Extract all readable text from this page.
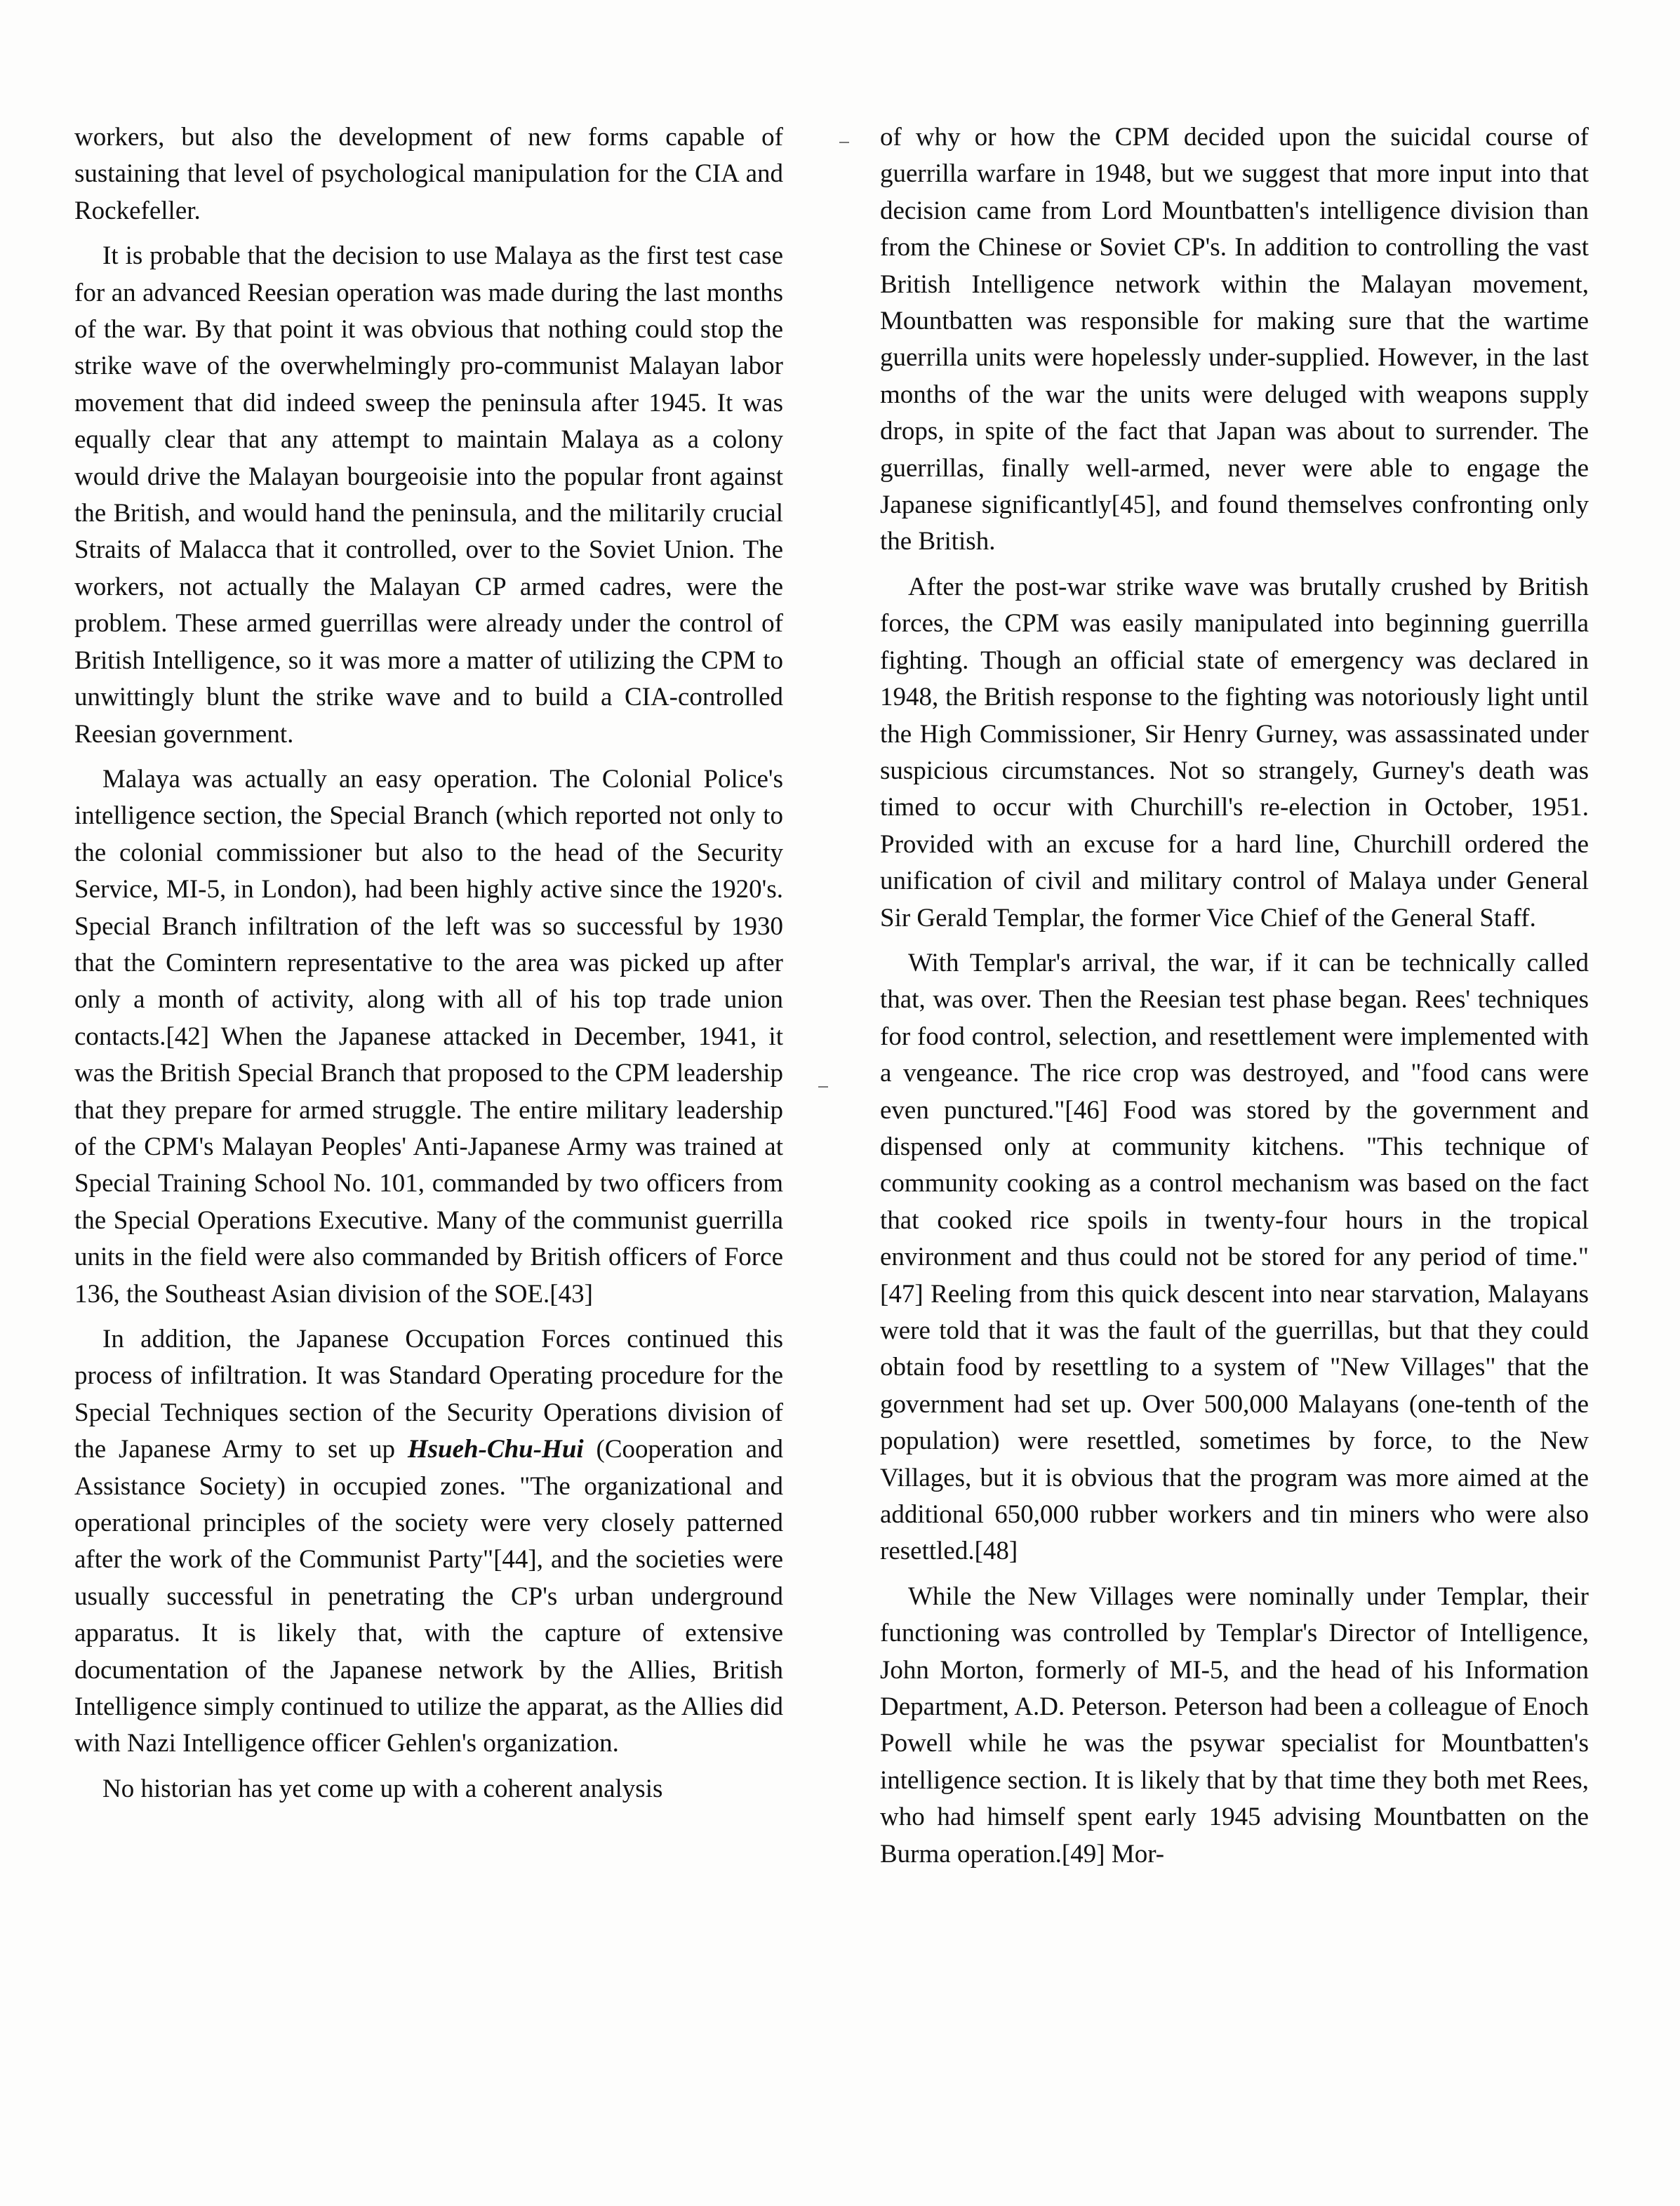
workers, but also the development of new forms capable of sustaining that level of psychological manipulation for the CIA and Rockefeller.

It is probable that the decision to use Malaya as the first test case for an advanced Reesian operation was made during the last months of the war. By that point it was obvious that nothing could stop the strike wave of the overwhelmingly pro-communist Malayan labor movement that did indeed sweep the peninsula after 1945. It was equally clear that any attempt to maintain Malaya as a colony would drive the Malayan bourgeoisie into the popular front against the British, and would hand the peninsula, and the militarily crucial Straits of Malacca that it controlled, over to the Soviet Union. The workers, not actually the Malayan CP armed cadres, were the problem. These armed guerrillas were already under the control of British Intelligence, so it was more a matter of utilizing the CPM to unwittingly blunt the strike wave and to build a CIA-controlled Reesian government.

Malaya was actually an easy operation. The Colonial Police's intelligence section, the Special Branch (which reported not only to the colonial commissioner but also to the head of the Security Service, MI-5, in London), had been highly active since the 1920's. Special Branch infiltration of the left was so successful by 1930 that the Comintern representative to the area was picked up after only a month of activity, along with all of his top trade union contacts.[42] When the Japanese attacked in December, 1941, it was the British Special Branch that proposed to the CPM leadership that they prepare for armed struggle. The entire military leadership of the CPM's Malayan Peoples' Anti-Japanese Army was trained at Special Training School No. 101, commanded by two officers from the Special Operations Executive. Many of the communist guerrilla units in the field were also commanded by British officers of Force 136, the Southeast Asian division of the SOE.[43]

In addition, the Japanese Occupation Forces continued this process of infiltration. It was Standard Operating procedure for the Special Techniques section of the Security Operations division of the Japanese Army to set up Hsueh-Chu-Hui (Cooperation and Assistance Society) in occupied zones. "The organizational and operational principles of the society were very closely patterned after the work of the Communist Party"[44], and the societies were usually successful in penetrating the CP's urban underground apparatus. It is likely that, with the capture of extensive documentation of the Japanese network by the Allies, British Intelligence simply continued to utilize the apparat, as the Allies did with Nazi Intelligence officer Gehlen's organization.

No historian has yet come up with a coherent analysis

of why or how the CPM decided upon the suicidal course of guerrilla warfare in 1948, but we suggest that more input into that decision came from Lord Mountbatten's intelligence division than from the Chinese or Soviet CP's. In addition to controlling the vast British Intelligence network within the Malayan movement, Mountbatten was responsible for making sure that the wartime guerrilla units were hopelessly under-supplied. However, in the last months of the war the units were deluged with weapons supply drops, in spite of the fact that Japan was about to surrender. The guerrillas, finally well-armed, never were able to engage the Japanese significantly[45], and found themselves confronting only the British.

After the post-war strike wave was brutally crushed by British forces, the CPM was easily manipulated into beginning guerrilla fighting. Though an official state of emergency was declared in 1948, the British response to the fighting was notoriously light until the High Commissioner, Sir Henry Gurney, was assassinated under suspicious circumstances. Not so strangely, Gurney's death was timed to occur with Churchill's re-election in October, 1951. Provided with an excuse for a hard line, Churchill ordered the unification of civil and military control of Malaya under General Sir Gerald Templar, the former Vice Chief of the General Staff.

With Templar's arrival, the war, if it can be technically called that, was over. Then the Reesian test phase began. Rees' techniques for food control, selection, and resettlement were implemented with a vengeance. The rice crop was destroyed, and "food cans were even punctured."[46] Food was stored by the government and dispensed only at community kitchens. "This technique of community cooking as a control mechanism was based on the fact that cooked rice spoils in twenty-four hours in the tropical environment and thus could not be stored for any period of time."[47] Reeling from this quick descent into near starvation, Malayans were told that it was the fault of the guerrillas, but that they could obtain food by resettling to a system of "New Villages" that the government had set up. Over 500,000 Malayans (one-tenth of the population) were resettled, sometimes by force, to the New Villages, but it is obvious that the program was more aimed at the additional 650,000 rubber workers and tin miners who were also resettled.[48]

While the New Villages were nominally under Templar, their functioning was controlled by Templar's Director of Intelligence, John Morton, formerly of MI-5, and the head of his Information Department, A.D. Peterson. Peterson had been a colleague of Enoch Powell while he was the psywar specialist for Mountbatten's intelligence section. It is likely that by that time they both met Rees, who had himself spent early 1945 advising Mountbatten on the Burma operation.[49] Mor-
